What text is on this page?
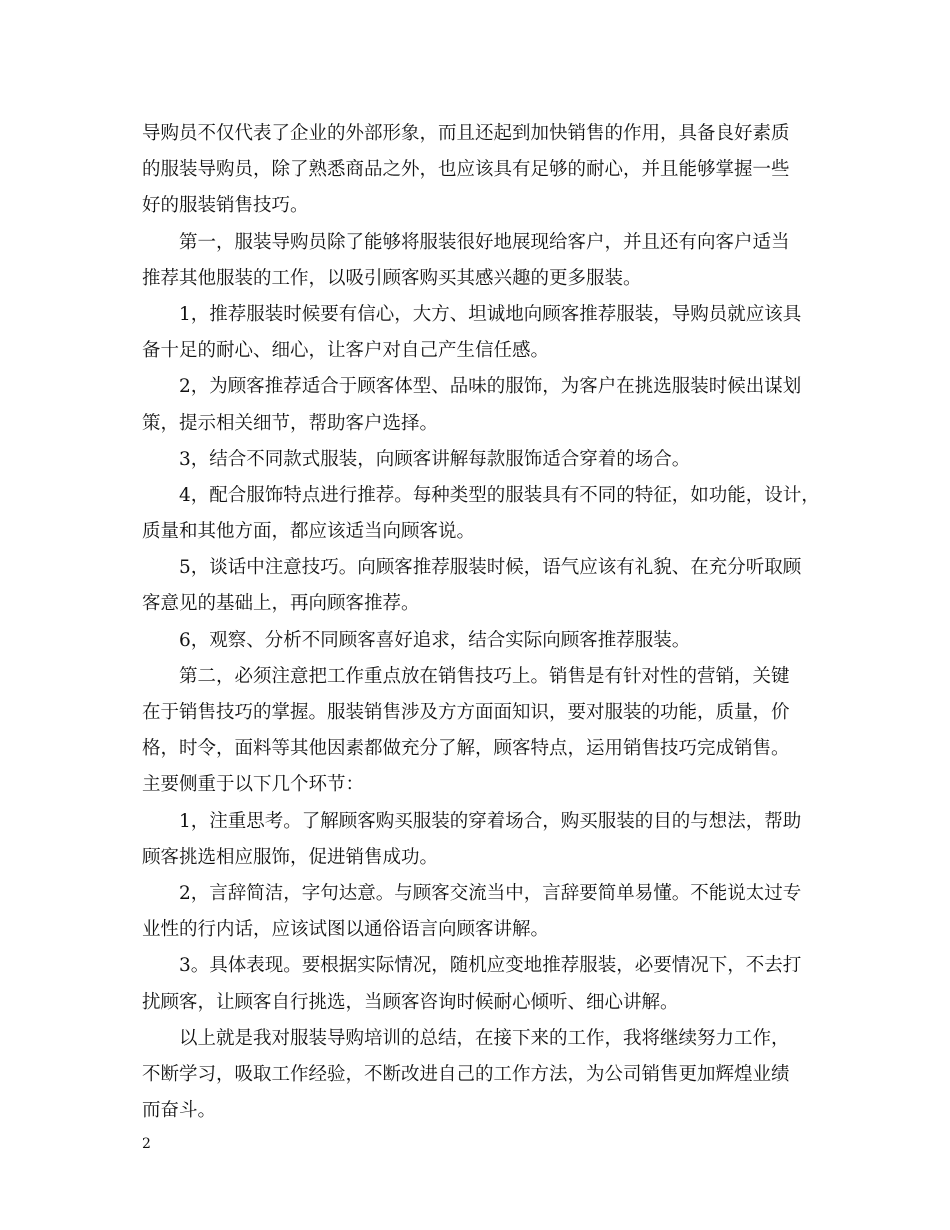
导购员不仅代表了企业的外部形象，而且还起到加快销售的作用，具备良好素质
的服装导购员，除了熟悉商品之外，也应该具有足够的耐心，并且能够掌握一些
好的服装销售技巧。
第一，服装导购员除了能够将服装很好地展现给客户，并且还有向客户适当
推荐其他服装的工作，以吸引顾客购买其感兴趣的更多服装。
1，推荐服装时候要有信心，大方、坦诚地向顾客推荐服装，导购员就应该具
备十足的耐心、细心，让客户对自己产生信任感。
2，为顾客推荐适合于顾客体型、品味的服饰，为客户在挑选服装时候出谋划
策，提示相关细节，帮助客户选择。
3，结合不同款式服装，向顾客讲解每款服饰适合穿着的场合。
4，配合服饰特点进行推荐。每种类型的服装具有不同的特征，如功能，设计，
质量和其他方面，都应该适当向顾客说。
5，谈话中注意技巧。向顾客推荐服装时候，语气应该有礼貌、在充分听取顾
客意见的基础上，再向顾客推荐。
6，观察、分析不同顾客喜好追求，结合实际向顾客推荐服装。
第二，必须注意把工作重点放在销售技巧上。销售是有针对性的营销，关键
在于销售技巧的掌握。服装销售涉及方方面面知识，要对服装的功能，质量，价
格，时令，面料等其他因素都做充分了解，顾客特点，运用销售技巧完成销售。
主要侧重于以下几个环节：
1，注重思考。了解顾客购买服装的穿着场合，购买服装的目的与想法，帮助
顾客挑选相应服饰，促进销售成功。
2，言辞简洁，字句达意。与顾客交流当中，言辞要简单易懂。不能说太过专
业性的行内话，应该试图以通俗语言向顾客讲解。
3。具体表现。要根据实际情况，随机应变地推荐服装，必要情况下，不去打
扰顾客，让顾客自行挑选，当顾客咨询时候耐心倾听、细心讲解。
以上就是我对服装导购培训的总结，在接下来的工作，我将继续努力工作，
不断学习，吸取工作经验，不断改进自己的工作方法，为公司销售更加辉煌业绩
而奋斗。
2
